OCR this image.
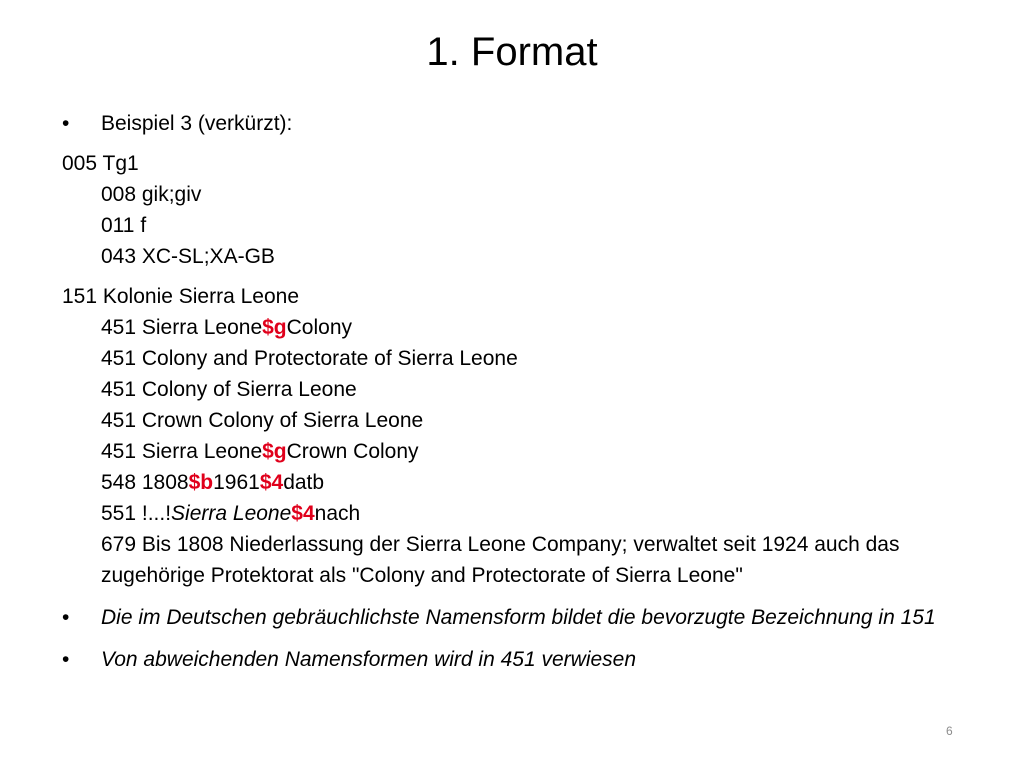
1. Format
•	Beispiel 3 (verkürzt):
005 Tg1
008 gik;giv
011 f
043 XC-SL;XA-GB
151 Kolonie Sierra Leone
451 Sierra Leone$gColony
451 Colony and Protectorate of Sierra Leone
451 Colony of Sierra Leone
451 Crown Colony of Sierra Leone
451 Sierra Leone$gCrown Colony
548 1808$b1961$4datb
551 !...!Sierra Leone$4nach
679 Bis 1808 Niederlassung der Sierra Leone Company; verwaltet seit 1924 auch das zugehörige Protektorat als "Colony and Protectorate of Sierra Leone"
•	Die im Deutschen gebräuchlichste Namensform bildet die bevorzugte Bezeichnung in 151
•	Von abweichenden Namensformen wird in 451 verwiesen
6
